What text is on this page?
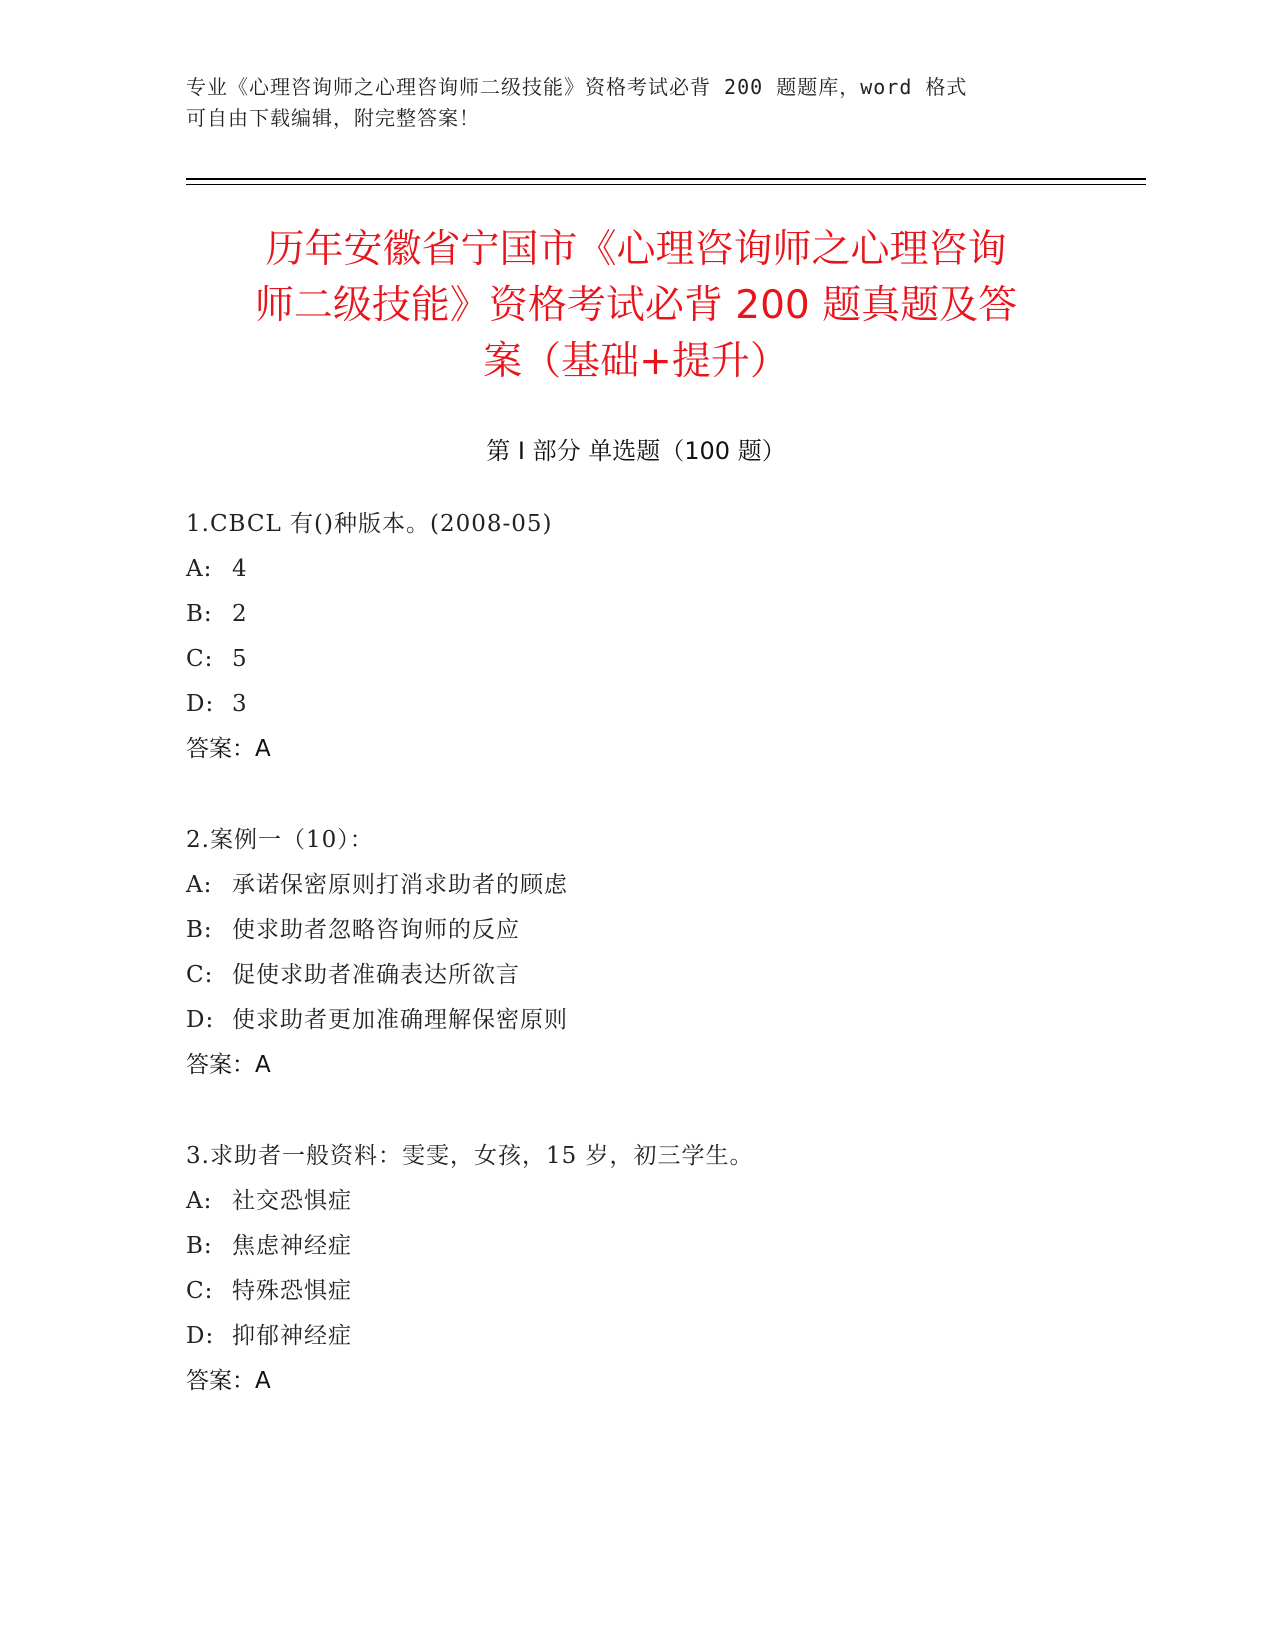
专业《心理咨询师之心理咨询师二级技能》资格考试必背 200 题题库，word 格式
可自由下载编辑，附完整答案！
历年安徽省宁国市《心理咨询师之心理咨询
师二级技能》资格考试必背 200 题真题及答
案（基础+提升）
第 I 部分 单选题（100 题）
1.CBCL 有()种版本。(2008-05)
A: 4
B: 2
C: 5
D: 3
答案：A
2.案例一（10）：
A: 承诺保密原则打消求助者的顾虑
B: 使求助者忽略咨询师的反应
C: 促使求助者准确表达所欲言
D: 使求助者更加准确理解保密原则
答案：A
3.求助者一般资料：雯雯，女孩，15 岁，初三学生。
A: 社交恐惧症
B: 焦虑神经症
C: 特殊恐惧症
D: 抑郁神经症
答案：A
